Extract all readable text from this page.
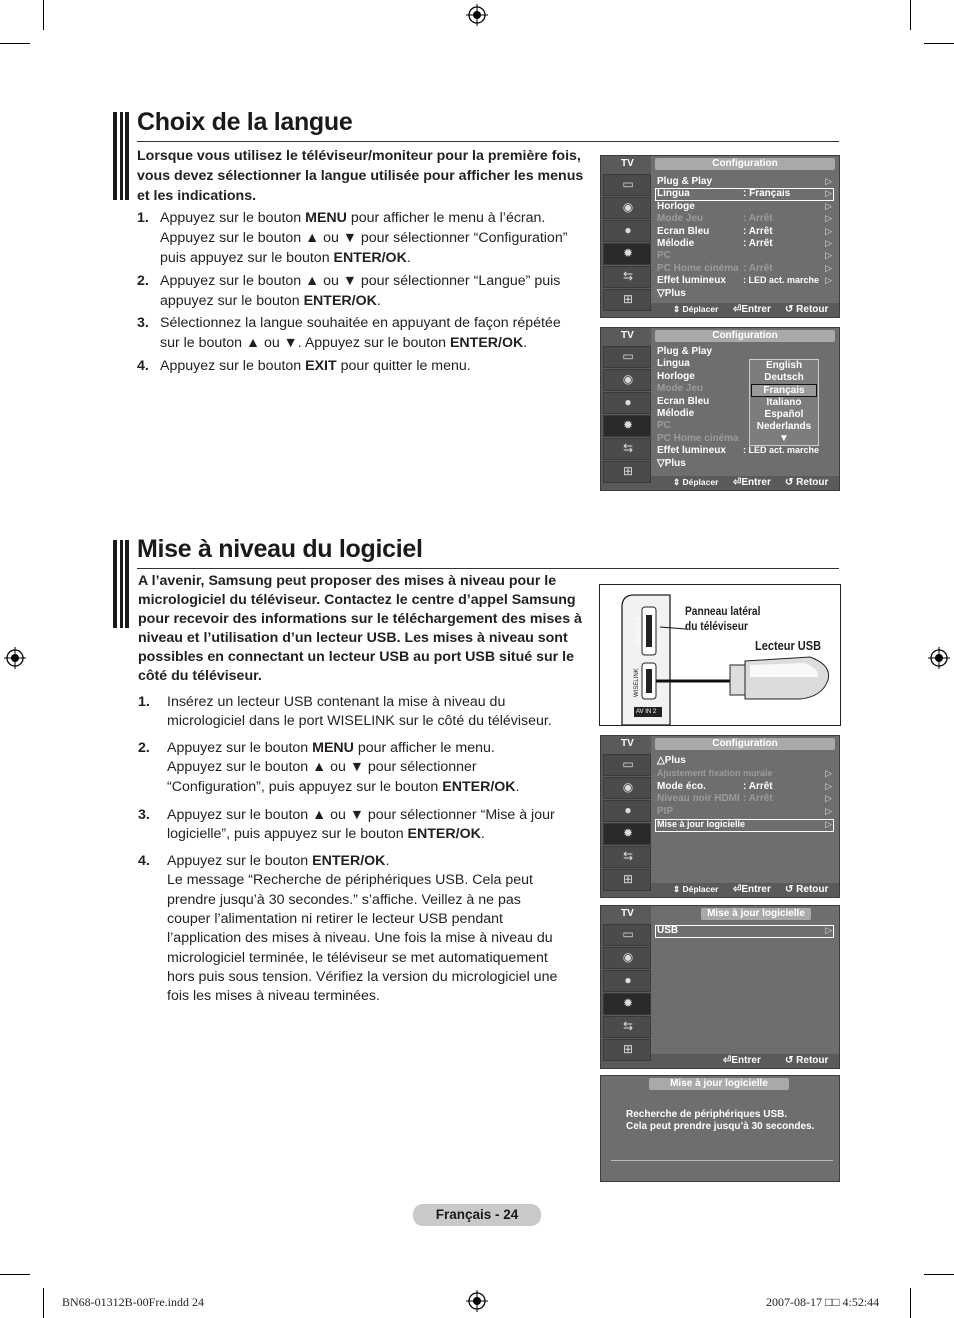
Choix de la langue
Lorsque vous utilisez le téléviseur/moniteur pour la première fois, vous devez sélectionner la langue utilisée pour afficher les menus et les indications.
1. Appuyez sur le bouton MENU pour afficher le menu à l’écran.
Appuyez sur le bouton ▲ ou ▼ pour sélectionner “Configuration”
puis appuyez sur le bouton ENTER/OK.
2. Appuyez sur le bouton ▲ ou ▼ pour sélectionner “Langue” puis
appuyez sur le bouton ENTER/OK.
3. Sélectionnez la langue souhaitée en appuyant de façon répétée
sur le bouton ▲ ou ▼. Appuyez sur le bouton ENTER/OK.
4. Appuyez sur le bouton EXIT pour quitter le menu.
TV	Configuration
Plug & Play	▷
Lingua	: Français	▷
Horloge	▷
Mode Jeu	: Arrêt	▷
Ecran Bleu	: Arrêt	▷
Mélodie	: Arrêt	▷
PC	▷
PC Home cinéma : Arrêt	▷
Effet lumineux : LED act. marche ▷
▽Plus
⇕ Déplacer ⏎Entrer ↺ Retour
▭
◉
●
✹
⇆
⊞
TV	Configuration
Plug & Play
Lingua
Horloge
Mode Jeu
Ecran Bleu
Mélodie
PC
PC Home cinéma
Effet lumineux : LED act. marche
▽Plus
English
Deutsch
Français
Italiano
Español
Nederlands
▼
⇕ Déplacer ⏎Entrer ↺ Retour
▭
◉
●
✹
⇆
⊞
Mise à niveau du logiciel
A l’avenir, Samsung peut proposer des mises à niveau pour le micrologiciel du téléviseur. Contactez le centre d’appel Samsung pour recevoir des informations sur le téléchargement des mises à niveau et l’utilisation d’un lecteur USB. Les mises à niveau sont possibles en connectant un lecteur USB au port USB situé sur le côté du téléviseur.
1. Insérez un lecteur USB contenant la mise à niveau du
micrologiciel dans le port WISELINK sur le côté du téléviseur.
2. Appuyez sur le bouton MENU pour afficher le menu.
Appuyez sur le bouton ▲ ou ▼ pour sélectionner
“Configuration”, puis appuyez sur le bouton ENTER/OK.
3. Appuyez sur le bouton ▲ ou ▼ pour sélectionner “Mise à jour
logicielle”, puis appuyez sur le bouton ENTER/OK.
4. Appuyez sur le bouton ENTER/OK.
Le message “Recherche de périphériques USB. Cela peut
prendre jusqu’à 30 secondes.” s’affiche. Veillez à ne pas
couper l’alimentation ni retirer le lecteur USB pendant
l’application des mises à niveau. Une fois la mise à niveau du
micrologiciel terminée, le téléviseur se met automatiquement
hors puis sous tension. Vérifiez la version du micrologiciel une
fois les mises à niveau terminées.
HDMI IN 3
WISELINK
AV IN 2
Panneau latéral
du téléviseur
Lecteur USB
TV	Configuration
△Plus
Ajustement fixation murale	▷
Mode éco.	: Arrêt	▷
Niveau noir HDMI : Arrêt	▷
PIP	▷
Mise à jour logicielle	▷
⇕ Déplacer ⏎Entrer ↺ Retour
▭
◉
●
✹
⇆
⊞
TV	Mise à jour logicielle
USB	▷
⏎Entrer ↺ Retour
▭
◉
●
✹
⇆
⊞
Mise à jour logicielle
Recherche de périphériques USB.
Cela peut prendre jusqu’à 30 secondes.
Français - 24
BN68-01312B-00Fre.indd 24	2007-08-17 □□ 4:52:44
